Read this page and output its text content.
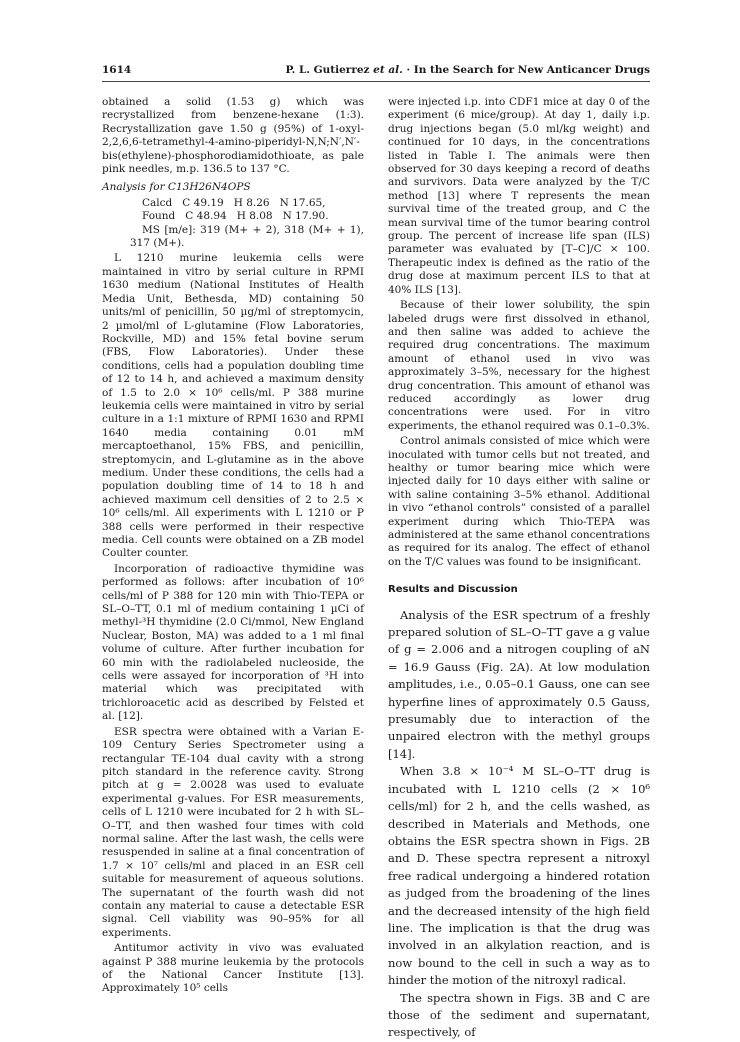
1614	P. L. Gutierrez et al. · In the Search for New Anticancer Drugs

obtained a solid (1.53 g) which was recrystallized from benzene-hexane (1:3). Recrystallization gave 1.50 g (95%) of 1-oxyl-2,2,6,6-tetramethyl-4-amino-piperidyl-N,N;N′,N′-bis(ethylene)-phosphorodiamidothioate, as pale pink needles, m.p. 136.5 to 137 °C.

Analysis for C13H26N4OPS

Calcd   C 49.19   H 8.26   N 17.65,

Found   C 48.94   H 8.08   N 17.90.

MS [m/e]: 319 (M+ + 2), 318 (M+ + 1), 317 (M+).

L 1210 murine leukemia cells were maintained in vitro by serial culture in RPMI 1630 medium (National Institutes of Health Media Unit, Bethesda, MD) containing 50 units/ml of penicillin, 50 µg/ml of streptomycin, 2 µmol/ml of L-glutamine (Flow Laboratories, Rockville, MD) and 15% fetal bovine serum (FBS, Flow Laboratories). Under these conditions, cells had a population doubling time of 12 to 14 h, and achieved a maximum density of 1.5 to 2.0 × 10⁶ cells/ml. P 388 murine leukemia cells were maintained in vitro by serial culture in a 1:1 mixture of RPMI 1630 and RPMI 1640 media containing 0.01 mM mercaptoethanol, 15% FBS, and penicillin, streptomycin, and L-glutamine as in the above medium. Under these conditions, the cells had a population doubling time of 14 to 18 h and achieved maximum cell densities of 2 to 2.5 × 10⁶ cells/ml. All experiments with L 1210 or P 388 cells were performed in their respective media. Cell counts were obtained on a ZB model Coulter counter.

Incorporation of radioactive thymidine was performed as follows: after incubation of 10⁶ cells/ml of P 388 for 120 min with Thio-TEPA or SL–O–TT, 0.1 ml of medium containing 1 µCi of methyl-³H thymidine (2.0 Ci/mmol, New England Nuclear, Boston, MA) was added to a 1 ml final volume of culture. After further incubation for 60 min with the radiolabeled nucleoside, the cells were assayed for incorporation of ³H into material which was precipitated with trichloroacetic acid as described by Felsted et al. [12].

ESR spectra were obtained with a Varian E-109 Century Series Spectrometer using a rectangular TE-104 dual cavity with a strong pitch standard in the reference cavity. Strong pitch at g = 2.0028 was used to evaluate experimental g-values. For ESR measurements, cells of L 1210 were incubated for 2 h with SL–O–TT, and then washed four times with cold normal saline. After the last wash, the cells were resuspended in saline at a final concentration of 1.7 × 10⁷ cells/ml and placed in an ESR cell suitable for measurement of aqueous solutions. The supernatant of the fourth wash did not contain any material to cause a detectable ESR signal. Cell viability was 90–95% for all experiments.

Antitumor activity in vivo was evaluated against P 388 murine leukemia by the protocols of the National Cancer Institute [13]. Approximately 10⁵ cells

were injected i.p. into CDF1 mice at day 0 of the experiment (6 mice/group). At day 1, daily i.p. drug injections began (5.0 ml/kg weight) and continued for 10 days, in the concentrations listed in Table I. The animals were then observed for 30 days keeping a record of deaths and survivors. Data were analyzed by the T/C method [13] where T represents the mean survival time of the treated group, and C the mean survival time of the tumor bearing control group. The percent of increase life span (ILS) parameter was evaluated by [T–C]/C × 100. Therapeutic index is defined as the ratio of the drug dose at maximum percent ILS to that at 40% ILS [13].

Because of their lower solubility, the spin labeled drugs were first dissolved in ethanol, and then saline was added to achieve the required drug concentrations. The maximum amount of ethanol used in vivo was approximately 3–5%, necessary for the highest drug concentration. This amount of ethanol was reduced accordingly as lower drug concentrations were used. For in vitro experiments, the ethanol required was 0.1–0.3%.

Control animals consisted of mice which were inoculated with tumor cells but not treated, and healthy or tumor bearing mice which were injected daily for 10 days either with saline or with saline containing 3–5% ethanol. Additional in vivo “ethanol controls” consisted of a parallel experiment during which Thio-TEPA was administered at the same ethanol concentrations as required for its analog. The effect of ethanol on the T/C values was found to be insignificant.

Results and Discussion

Analysis of the ESR spectrum of a freshly prepared solution of SL–O–TT gave a g value of g = 2.006 and a nitrogen coupling of aN = 16.9 Gauss (Fig. 2A). At low modulation amplitudes, i.e., 0.05–0.1 Gauss, one can see hyperfine lines of approximately 0.5 Gauss, presumably due to interaction of the unpaired electron with the methyl groups [14].

When 3.8 × 10⁻⁴ M SL–O–TT drug is incubated with L 1210 cells (2 × 10⁶ cells/ml) for 2 h, and the cells washed, as described in Materials and Methods, one obtains the ESR spectra shown in Figs. 2B and D. These spectra represent a nitroxyl free radical undergoing a hindered rotation as judged from the broadening of the lines and the decreased intensity of the high field line. The implication is that the drug was involved in an alkylation reaction, and is now bound to the cell in such a way as to hinder the motion of the nitroxyl radical.

The spectra shown in Figs. 3B and C are those of the sediment and supernatant, respectively, of
